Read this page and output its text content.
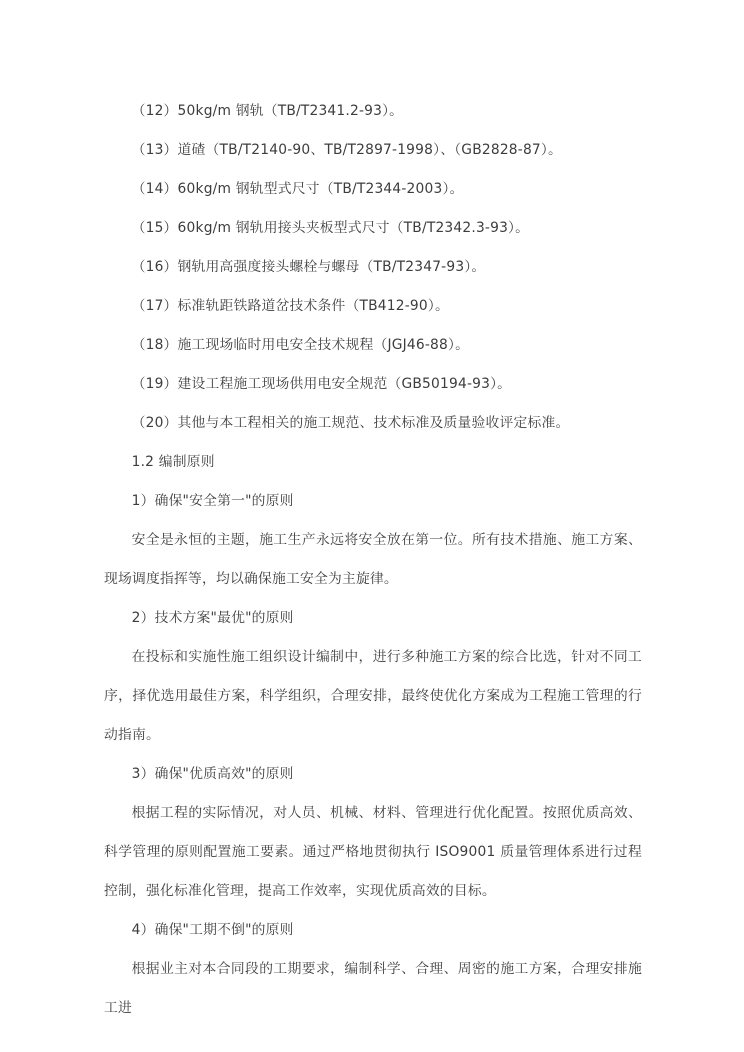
（12）50kg/m 钢轨（TB/T2341.2-93）。

（13）道碴（TB/T2140-90、TB/T2897-1998）、（GB2828-87）。

（14）60kg/m 钢轨型式尺寸（TB/T2344-2003）。

（15）60kg/m 钢轨用接头夹板型式尺寸（TB/T2342.3-93）。

（16）钢轨用高强度接头螺栓与螺母（TB/T2347-93）。

（17）标准轨距铁路道岔技术条件（TB412-90）。

（18）施工现场临时用电安全技术规程（JGJ46-88）。

（19）建设工程施工现场供用电安全规范（GB50194-93）。

（20）其他与本工程相关的施工规范、技术标准及质量验收评定标准。

1.2 编制原则

1）确保"安全第一"的原则

安全是永恒的主题，施工生产永远将安全放在第一位。所有技术措施、施工方案、现场调度指挥等，均以确保施工安全为主旋律。

2）技术方案"最优"的原则

在投标和实施性施工组织设计编制中，进行多种施工方案的综合比选，针对不同工序，择优选用最佳方案，科学组织，合理安排，最终使优化方案成为工程施工管理的行动指南。

3）确保"优质高效"的原则

根据工程的实际情况，对人员、机械、材料、管理进行优化配置。按照优质高效、科学管理的原则配置施工要素。通过严格地贯彻执行 ISO9001 质量管理体系进行过程控制，强化标准化管理，提高工作效率，实现优质高效的目标。

4）确保"工期不倒"的原则

根据业主对本合同段的工期要求，编制科学、合理、周密的施工方案，合理安排施工进
